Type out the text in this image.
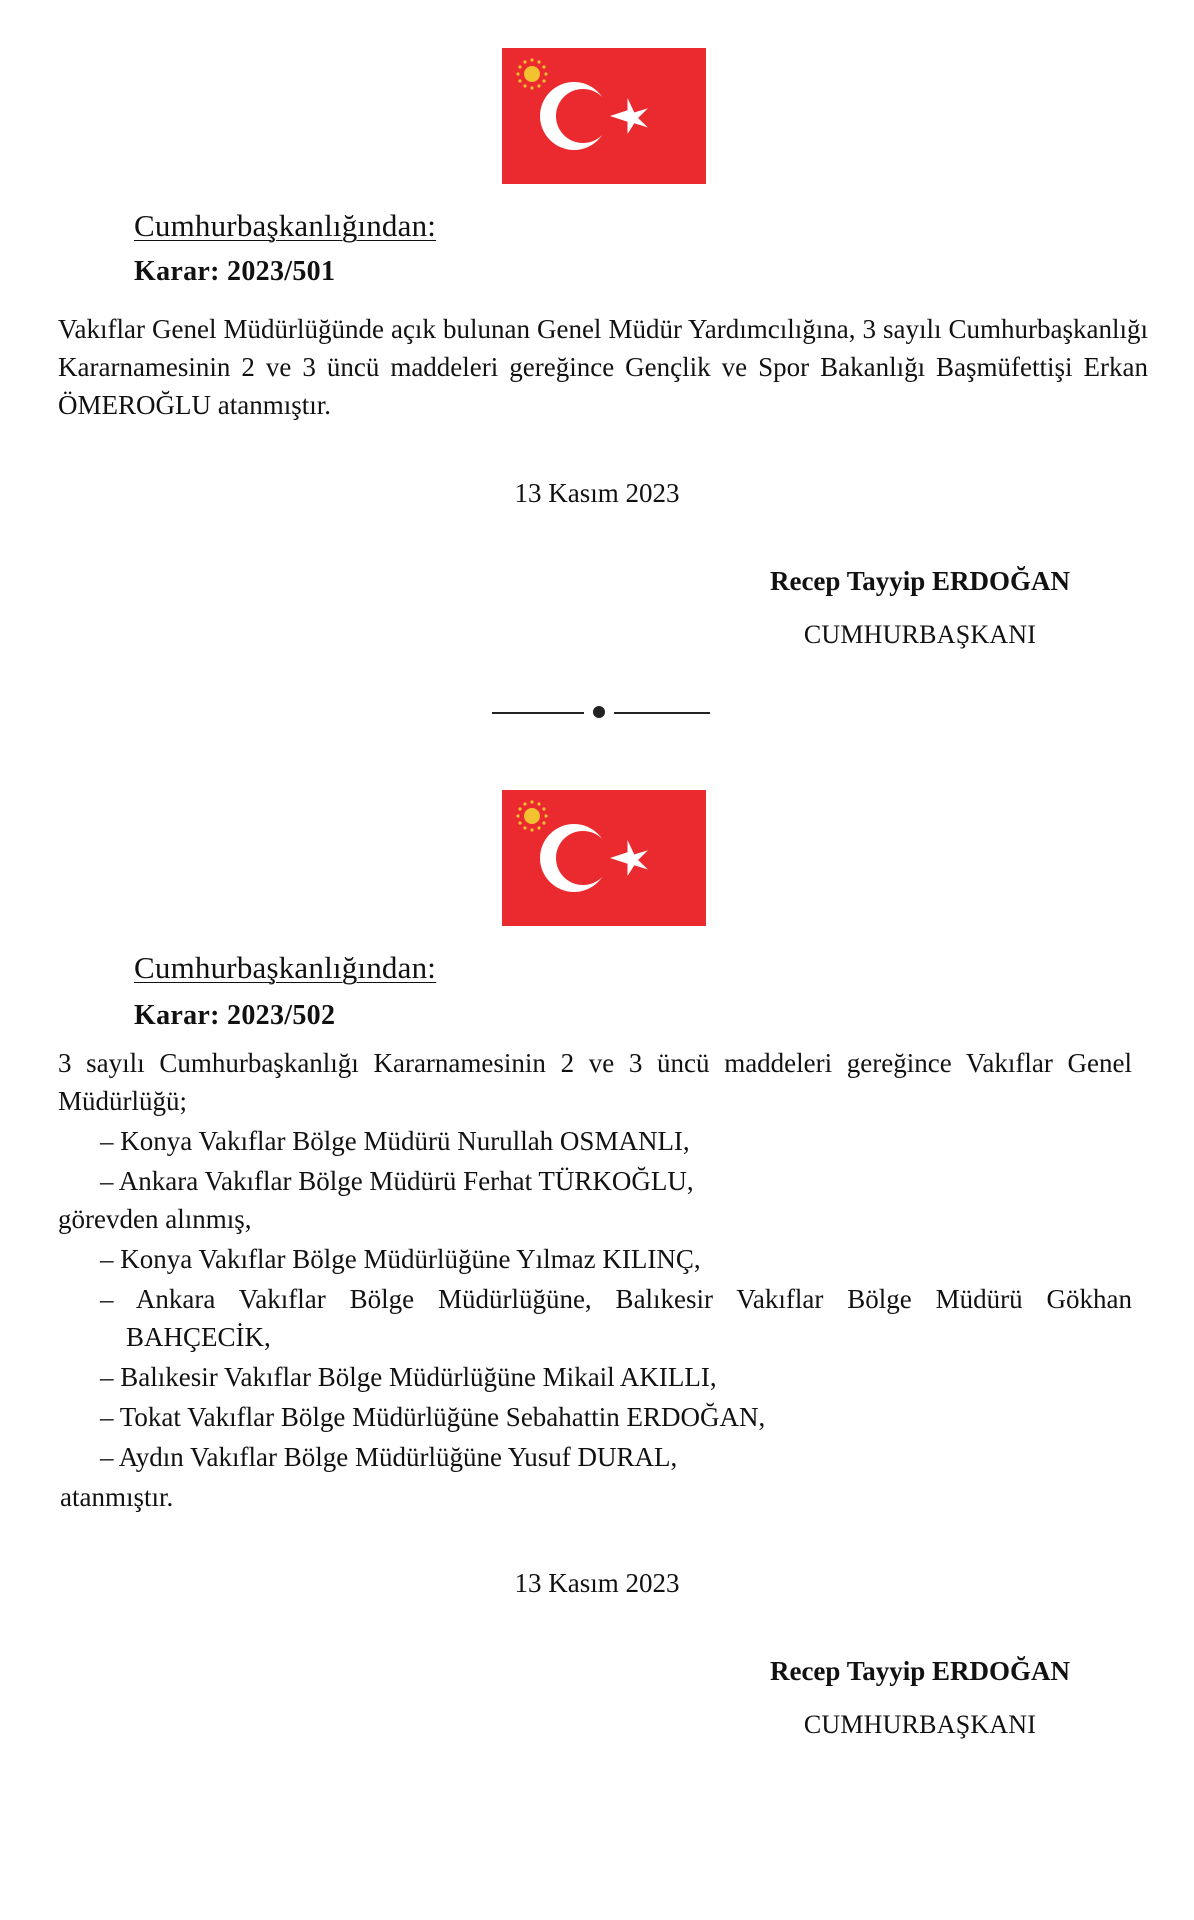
Cumhurbaşkanlığından:
Karar: 2023/501

Vakıflar Genel Müdürlüğünde açık bulunan Genel Müdür Yardımcılığına, 3 sayılı Cumhurbaşkanlığı Kararnamesinin 2 ve 3 üncü maddeleri gereğince Gençlik ve Spor Bakanlığı Başmüfettişi Erkan ÖMEROĞLU atanmıştır.

13 Kasım 2023
Recep Tayyip ERDOĞAN
CUMHURBAŞKANI
Cumhurbaşkanlığından:
Karar: 2023/502
3 sayılı Cumhurbaşkanlığı Kararnamesinin 2 ve 3 üncü maddeleri gereğince Vakıflar Genel
Müdürlüğü;
– Konya Vakıflar Bölge Müdürü Nurullah OSMANLI,
– Ankara Vakıflar Bölge Müdürü Ferhat TÜRKOĞLU,
görevden alınmış,
– Konya Vakıflar Bölge Müdürlüğüne Yılmaz KILINÇ,
– Ankara Vakıflar Bölge Müdürlüğüne, Balıkesir Vakıflar Bölge Müdürü Gökhan
BAHÇECİK,
– Balıkesir Vakıflar Bölge Müdürlüğüne Mikail AKILLI,
– Tokat Vakıflar Bölge Müdürlüğüne Sebahattin ERDOĞAN,
– Aydın Vakıflar Bölge Müdürlüğüne Yusuf DURAL,
atanmıştır.
13 Kasım 2023
Recep Tayyip ERDOĞAN
CUMHURBAŞKANI
